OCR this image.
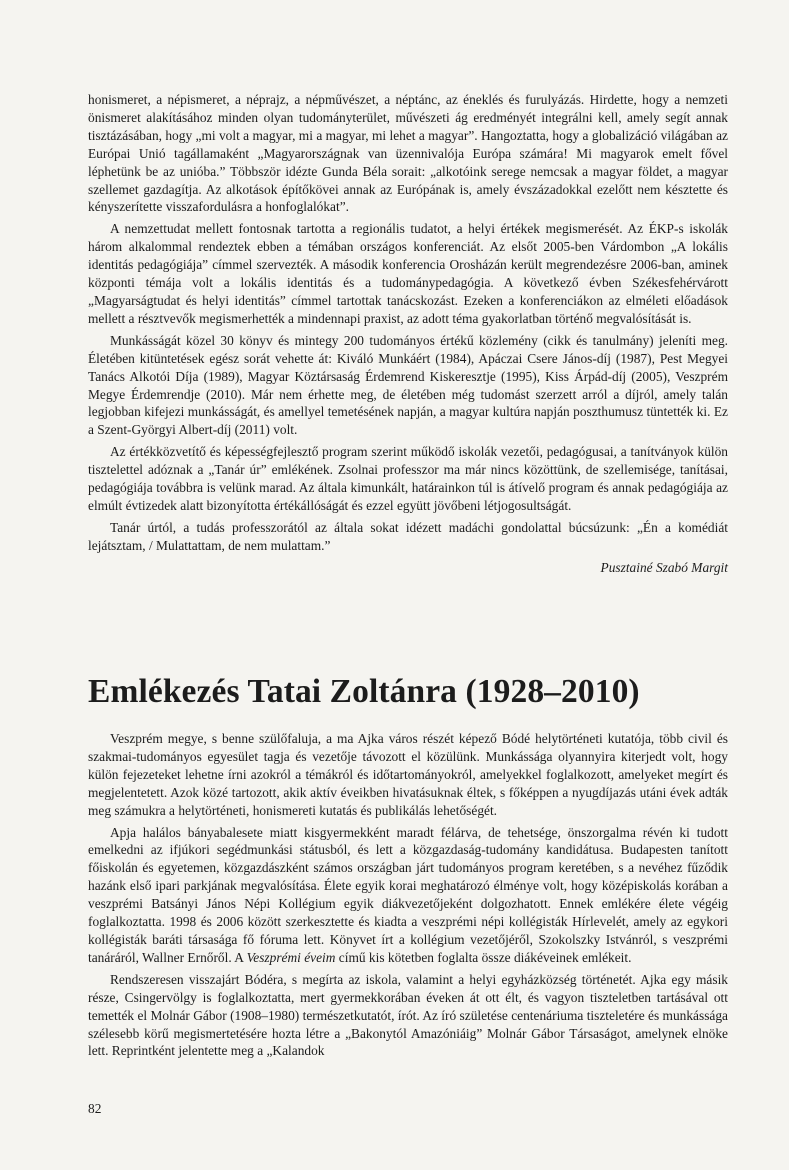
honismeret, a népismeret, a néprajz, a népművészet, a néptánc, az éneklés és furulyázás. Hirdette, hogy a nemzeti önismeret alakításához minden olyan tudományterület, művészeti ág eredményét integrálni kell, amely segít annak tisztázásában, hogy „mi volt a magyar, mi a magyar, mi lehet a magyar”. Hangoztatta, hogy a globalizáció világában az Európai Unió tagállamaként „Magyarországnak van üzennivalója Európa számára! Mi magyarok emelt fővel léphetünk be az unióba.” Többször idézte Gunda Béla sorait: „alkotóink serege nemcsak a magyar földet, a magyar szellemet gazdagítja. Az alkotások építőkövei annak az Európának is, amely évszázadokkal ezelőtt nem késztette és kényszerítette visszafordulásra a honfoglalókat”.

A nemzettudat mellett fontosnak tartotta a regionális tudatot, a helyi értékek megismerését. Az ÉKP-s iskolák három alkalommal rendeztek ebben a témában országos konferenciát. Az elsőt 2005-ben Várdombon „A lokális identitás pedagógiája” címmel szervezték. A második konferencia Orosházán került megrendezésre 2006-ban, aminek központi témája volt a lokális identitás és a tudománypedagógia. A következő évben Székesfehérvárott „Magyarságtudat és helyi identitás” címmel tartottak tanácskozást. Ezeken a konferenciákon az elméleti előadások mellett a résztvevők megismerhették a mindennapi praxist, az adott téma gyakorlatban történő megvalósítását is.

Munkásságát közel 30 könyv és mintegy 200 tudományos értékű közlemény (cikk és tanulmány) jeleníti meg. Életében kitüntetések egész sorát vehette át: Kiváló Munkáért (1984), Apáczai Csere János-díj (1987), Pest Megyei Tanács Alkotói Díja (1989), Magyar Köztársaság Érdemrend Kiskeresztje (1995), Kiss Árpád-díj (2005), Veszprém Megye Érdemrendje (2010). Már nem érhette meg, de életében még tudomást szerzett arról a díjról, amely talán legjobban kifejezi munkásságát, és amellyel temetésének napján, a magyar kultúra napján poszthumusz tüntették ki. Ez a Szent-Györgyi Albert-díj (2011) volt.

Az értékközvetítő és képességfejlesztő program szerint működő iskolák vezetői, pedagógusai, a tanítványok külön tisztelettel adóznak a „Tanár úr” emlékének. Zsolnai professzor ma már nincs közöttünk, de szellemisége, tanításai, pedagógiája továbbra is velünk marad. Az általa kimunkált, határainkon túl is átívelő program és annak pedagógiája az elmúlt évtizedek alatt bizonyította értékállóságát és ezzel együtt jövőbeni létjogosultságát.

Tanár úrtól, a tudás professzorától az általa sokat idézett madáchi gondolattal búcsúzunk: „Én a komédiát lejátsztam, / Mulattattam, de nem mulattam.”

Pusztainé Szabó Margit
Emlékezés Tatai Zoltánra (1928–2010)

Veszprém megye, s benne szülőfaluja, a ma Ajka város részét képező Bódé helytörténeti kutatója, több civil és szakmai-tudományos egyesület tagja és vezetője távozott el közülünk. Munkássága olyannyira kiterjedt volt, hogy külön fejezeteket lehetne írni azokról a témákról és időtartományokról, amelyekkel foglalkozott, amelyeket megírt és megjelentetett. Azok közé tartozott, akik aktív éveikben hivatásuknak éltek, s főképpen a nyugdíjazás utáni évek adták meg számukra a helytörténeti, honismereti kutatás és publikálás lehetőségét.

Apja halálos bányabalesete miatt kisgyermekként maradt félárva, de tehetsége, önszorgalma révén ki tudott emelkedni az ifjúkori segédmunkási státusból, és lett a közgazdaság-tudomány kandidátusa. Budapesten tanított főiskolán és egyetemen, közgazdászként számos országban járt tudományos program keretében, s a nevéhez fűződik hazánk első ipari parkjának megvalósítása. Élete egyik korai meghatározó élménye volt, hogy középiskolás korában a veszprémi Batsányi János Népi Kollégium egyik diákvezetőjeként dolgozhatott. Ennek emlékére élete végéig foglalkoztatta. 1998 és 2006 között szerkesztette és kiadta a veszprémi népi kollégisták Hírlevelét, amely az egykori kollégisták baráti társasága fő fóruma lett. Könyvet írt a kollégium vezetőjéről, Szokolszky Istvánról, s veszprémi tanáráról, Wallner Ernőről. A Veszprémi éveim című kis kötetben foglalta össze diákéveinek emlékeit.

Rendszeresen visszajárt Bódéra, s megírta az iskola, valamint a helyi egyházközség történetét. Ajka egy másik része, Csingervölgy is foglalkoztatta, mert gyermekkorában éveken át ott élt, és vagyon tiszteletben tartásával ott temették el Molnár Gábor (1908–1980) természetkutatót, írót. Az író születése centenáriuma tiszteletére és munkássága szélesebb körű megismertetésére hozta létre a „Bakonytól Amazóniáig” Molnár Gábor Társaságot, amelynek elnöke lett. Reprintként jelentette meg a „Kalandok

82
